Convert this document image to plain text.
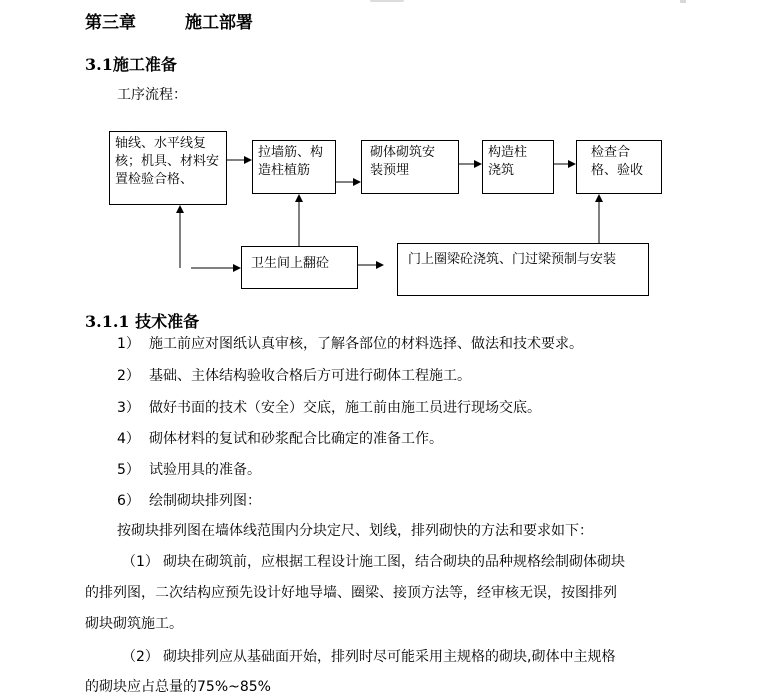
第三章	施工部署
3.1施工准备
工序流程：
轴线、水平线复核；机具、材料安置检验合格、
拉墙筋、构造柱植筋
砌体砌筑安装预埋
构造柱浇筑
检查合格、验收
卫生间上翻砼	门上圈梁砼浇筑、门过梁预制与安装
3.1.1 技术准备
1） 施工前应对图纸认真审核，了解各部位的材料选择、做法和技术要求。
2） 基础、主体结构验收合格后方可进行砌体工程施工。
3） 做好书面的技术（安全）交底，施工前由施工员进行现场交底。
4） 砌体材料的复试和砂浆配合比确定的准备工作。
5） 试验用具的准备。
6） 绘制砌块排列图：
按砌块排列图在墙体线范围内分块定尺、划线，排列砌快的方法和要求如下：
（1） 砌块在砌筑前，应根据工程设计施工图，结合砌块的品种规格绘制砌体砌块
的排列图，二次结构应预先设计好地导墙、圈梁、接顶方法等，经审核无误，按图排列
砌块砌筑施工。
（2） 砌块排列应从基础面开始，排列时尽可能采用主规格的砌块,砌体中主规格
的砌块应占总量的75%~85%
